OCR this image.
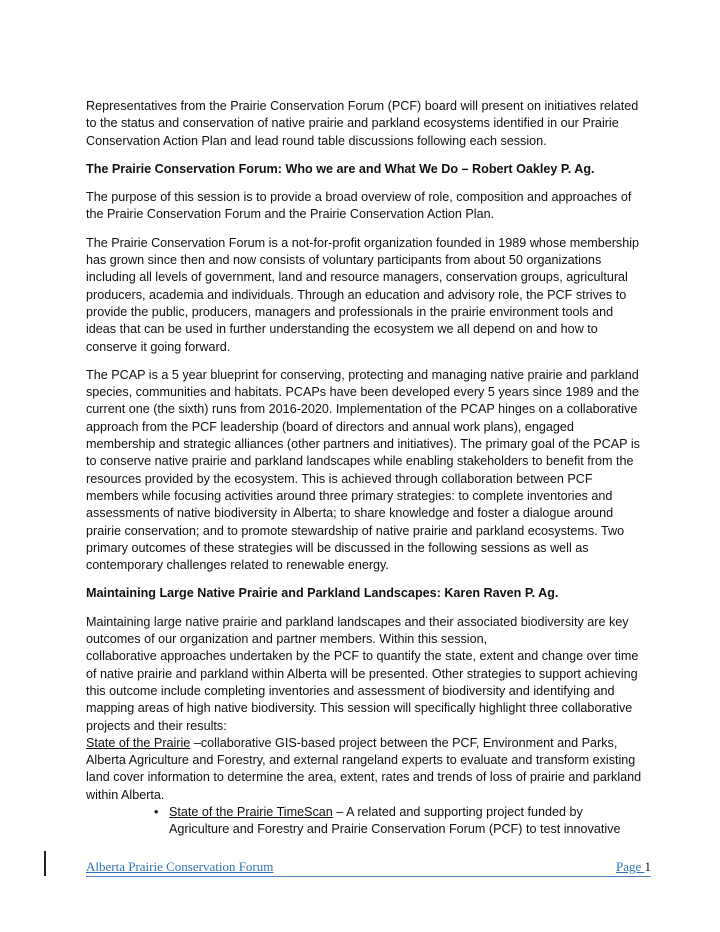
Representatives from the Prairie Conservation Forum (PCF) board will present on initiatives related to the status and conservation of native prairie and parkland ecosystems identified in our Prairie Conservation Action Plan and lead round table discussions following each session.

The Prairie Conservation Forum: Who we are and What We Do – Robert Oakley P. Ag.

The purpose of this session is to provide a broad overview of role, composition and approaches of the Prairie Conservation Forum and the Prairie Conservation Action Plan.

The Prairie Conservation Forum is a not-for-profit organization founded in 1989 whose membership has grown since then and now consists of voluntary participants from about 50 organizations including all levels of government, land and resource managers, conservation groups, agricultural producers, academia and individuals. Through an education and advisory role, the PCF strives to provide the public, producers, managers and professionals in the prairie environment tools and ideas that can be used in further understanding the ecosystem we all depend on and how to conserve it going forward.

The PCAP is a 5 year blueprint for conserving, protecting and managing native prairie and parkland species, communities and habitats. PCAPs have been developed every 5 years since 1989 and the current one (the sixth) runs from 2016-2020. Implementation of the PCAP hinges on a collaborative approach from the PCF leadership (board of directors and annual work plans), engaged membership and strategic alliances (other partners and initiatives). The primary goal of the PCAP is to conserve native prairie and parkland landscapes while enabling stakeholders to benefit from the resources provided by the ecosystem. This is achieved through collaboration between PCF members while focusing activities around three primary strategies: to complete inventories and assessments of native biodiversity in Alberta; to share knowledge and foster a dialogue around prairie conservation; and to promote stewardship of native prairie and parkland ecosystems. Two primary outcomes of these strategies will be discussed in the following sessions as well as contemporary challenges related to renewable energy.

Maintaining Large Native Prairie and Parkland Landscapes: Karen Raven P. Ag.

Maintaining large native prairie and parkland landscapes and their associated biodiversity are key outcomes of our organization and partner members. Within this session,

collaborative approaches undertaken by the PCF to quantify the state, extent and change over time of native prairie and parkland within Alberta will be presented. Other strategies to support achieving this outcome include completing inventories and assessment of biodiversity and identifying and mapping areas of high native biodiversity. This session will specifically highlight three collaborative projects and their results:

State of the Prairie –collaborative GIS-based project between the PCF, Environment and Parks, Alberta Agriculture and Forestry, and external rangeland experts to evaluate and transform existing land cover information to determine the area, extent, rates and trends of loss of prairie and parkland within Alberta.

• State of the Prairie TimeScan – A related and supporting project funded by Agriculture and Forestry and Prairie Conservation Forum (PCF) to test innovative
Alberta Prairie Conservation Forum	Page 1
